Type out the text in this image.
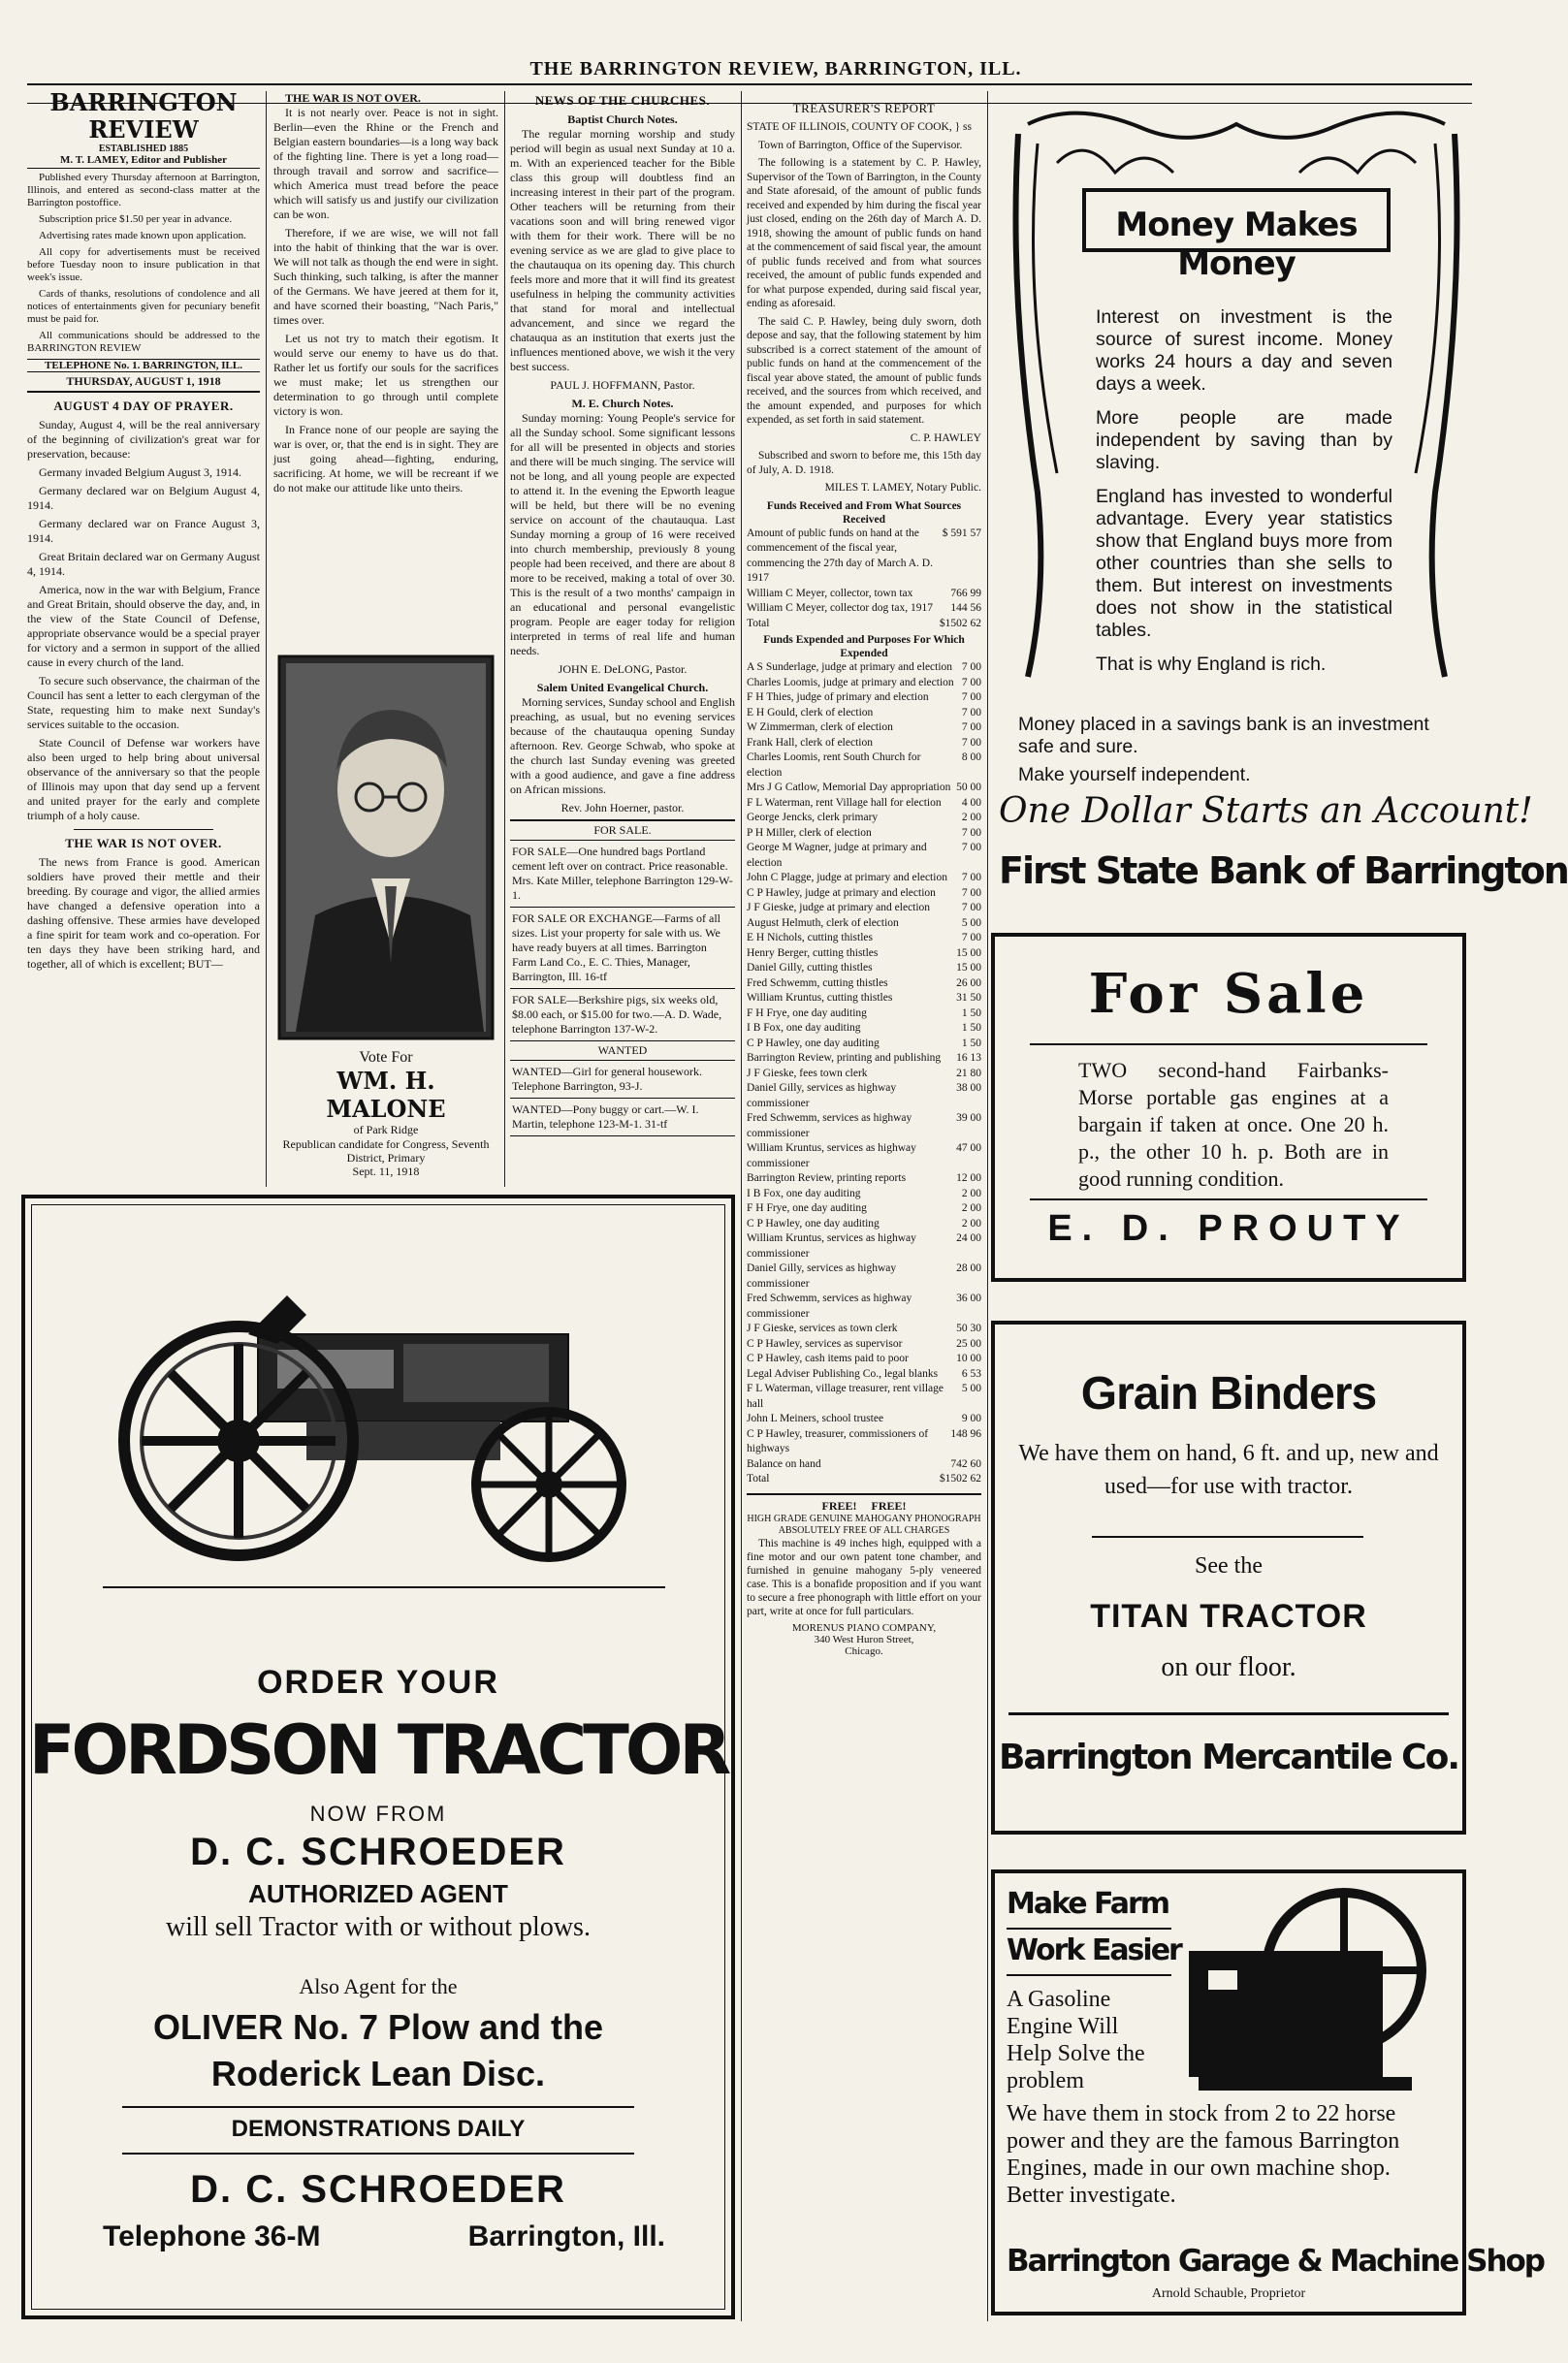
THE BARRINGTON REVIEW, BARRINGTON, ILL.
BARRINGTON REVIEW
ESTABLISHED 1885
M. T. LAMEY, Editor and Publisher

Published every Thursday afternoon at Barrington, Illinois, and entered as second-class matter at the Barrington postoffice.

Subscription price $1.50 per year in advance.

Advertising rates made known upon application.

All copy for advertisements must be received before Tuesday noon to insure publication in that week's issue.

Cards of thanks, resolutions of condolence and all notices of entertainments given for pecuniary benefit must be paid for.

All communications should be addressed to the BARRINGTON REVIEW

TELEPHONE No. 1. BARRINGTON, ILL.
THURSDAY, AUGUST 1, 1918
AUGUST 4 DAY OF PRAYER.

Sunday, August 4, will be the real anniversary of the beginning of civilization's great war for preservation, because:

Germany invaded Belgium August 3, 1914.

Germany declared war on Belgium August 4, 1914.

Germany declared war on France August 3, 1914.

Great Britain declared war on Germany August 4, 1914.

America, now in the war with Belgium, France and Great Britain, should observe the day, and, in the view of the State Council of Defense, appropriate observance would be a special prayer for victory and a sermon in support of the allied cause in every church of the land.

To secure such observance, the chairman of the Council has sent a letter to each clergyman of the State, requesting him to make next Sunday's services suitable to the occasion.

State Council of Defense war workers have also been urged to help bring about universal observance of the anniversary so that the people of Illinois may upon that day send up a fervent and united prayer for the early and complete triumph of a holy cause.

THE WAR IS NOT OVER.

The news from France is good. American soldiers have proved their mettle and their breeding. By courage and vigor, the allied armies have changed a defensive operation into a dashing offensive. These armies have developed a fine spirit for team work and co-operation. For ten days they have been striking hard, and together, all of which is excellent; BUT—

THE WAR IS NOT OVER.

It is not nearly over. Peace is not in sight. Berlin—even the Rhine or the French and Belgian eastern boundaries—is a long way back of the fighting line. There is yet a long road—through travail and sorrow and sacrifice—which America must tread before the peace which will satisfy us and justify our civilization can be won.

Therefore, if we are wise, we will not fall into the habit of thinking that the war is over. We will not talk as though the end were in sight. Such thinking, such talking, is after the manner of the Germans. We have jeered at them for it, and have scorned their boasting, "Nach Paris," times over.

Let us not try to match their egotism. It would serve our enemy to have us do that. Rather let us fortify our souls for the sacrifices we must make; let us strengthen our determination to go through until complete victory is won.

In France none of our people are saying the war is over, or, that the end is in sight. They are just going ahead—fighting, enduring, sacrificing. At home, we will be recreant if we do not make our attitude like unto theirs.

Vote For
WM. H. MALONE
of Park Ridge
Republican candidate for Congress, Seventh District, Primary
Sept. 11, 1918
NEWS OF THE CHURCHES.
Baptist Church Notes.

The regular morning worship and study period will begin as usual next Sunday at 10 a. m. With an experienced teacher for the Bible class this group will doubtless find an increasing interest in their part of the program. Other teachers will be returning from their vacations soon and will bring renewed vigor with them for their work. There will be no evening service as we are glad to give place to the chautauqua on its opening day. This church feels more and more that it will find its greatest usefulness in helping the community activities that stand for moral and intellectual advancement, and since we regard the chatauqua as an institution that exerts just the influences mentioned above, we wish it the very best success.

PAUL J. HOFFMANN, Pastor.
M. E. Church Notes.

Sunday morning: Young People's service for all the Sunday school. Some significant lessons for all will be presented in objects and stories and there will be much singing. The service will not be long, and all young people are expected to attend it. In the evening the Epworth league will be held, but there will be no evening service on account of the chautauqua. Last Sunday morning a group of 16 were received into church membership, previously 8 young people had been received, and there are about 8 more to be received, making a total of over 30. This is the result of a two months' campaign in an educational and personal evangelistic program. People are eager today for religion interpreted in terms of real life and human needs.

JOHN E. DeLONG, Pastor.
Salem United Evangelical Church.

Morning services, Sunday school and English preaching, as usual, but no evening services because of the chautauqua opening Sunday afternoon. Rev. George Schwab, who spoke at the church last Sunday evening was greeted with a good audience, and gave a fine address on African missions.

Rev. John Hoerner, pastor.
FOR SALE.
FOR SALE—One hundred bags Portland cement left over on contract. Price reasonable. Mrs. Kate Miller, telephone Barrington 129-W-1.
FOR SALE OR EXCHANGE—Farms of all sizes. List your property for sale with us. We have ready buyers at all times. Barrington Farm Land Co., E. C. Thies, Manager, Barrington, Ill. 16-tf
FOR SALE—Berkshire pigs, six weeks old, $8.00 each, or $15.00 for two.—A. D. Wade, telephone Barrington 137-W-2.
WANTED
WANTED—Girl for general housework. Telephone Barrington, 93-J.
WANTED—Pony buggy or cart.—W. I. Martin, telephone 123-M-1. 31-tf
TREASURER'S REPORT

STATE OF ILLINOIS, COUNTY OF COOK, } ss

Town of Barrington, Office of the Supervisor.

The following is a statement by C. P. Hawley, Supervisor of the Town of Barrington, in the County and State aforesaid, of the amount of public funds received and expended by him during the fiscal year just closed, ending on the 26th day of March A. D. 1918, showing the amount of public funds on hand at the commencement of said fiscal year, the amount of public funds received and from what sources received, the amount of public funds expended and for what purpose expended, during said fiscal year, ending as aforesaid.

The said C. P. Hawley, being duly sworn, doth depose and say, that the following statement by him subscribed is a correct statement of the amount of public funds on hand at the commencement of the fiscal year above stated, the amount of public funds received, and the sources from which received, and the amount expended, and purposes for which expended, as set forth in said statement.

C. P. HAWLEY

Subscribed and sworn to before me, this 15th day of July, A. D. 1918.

MILES T. LAMEY, Notary Public.

Funds Received and From What Sources Received
Amount of public funds on hand at the commencement of the fiscal year, commencing the 27th day of March A. D. 1917
$ 591 57
William C Meyer, collector, town tax	766 99
William C Meyer, collector dog tax, 1917 144 56
Total	$1502 62
Funds Expended and Purposes For Which Expended
A S Sunderlage, judge at primary and election 7 00
Charles Loomis, judge at primary and election 7 00
F H Thies, judge of primary and election	7 00
E H Gould, clerk of election	7 00
W Zimmerman, clerk of election	7 00
Frank Hall, clerk of election	7 00
Charles Loomis, rent South Church for election
8 00
Mrs J G Catlow, Memorial Day appropriation 50 00
F L Waterman, rent Village hall for election 4 00
George Jencks, clerk primary	2 00
P H Miller, clerk of election	7 00
George M Wagner, judge at primary and election
7 00
John C Plagge, judge at primary and election 7 00
C P Hawley, judge at primary and election 7 00
J F Gieske, judge at primary and election	7 00
August Helmuth, clerk of election	5 00
E H Nichols, cutting thistles	7 00
Henry Berger, cutting thistles	15 00
Daniel Gilly, cutting thistles	15 00
Fred Schwemm, cutting thistles	26 00
William Kruntus, cutting thistles	31 50
F H Frye, one day auditing	1 50
I B Fox, one day auditing	1 50
C P Hawley, one day auditing	1 50
Barrington Review, printing and publishing 16 13
J F Gieske, fees town clerk	21 80
Daniel Gilly, services as highway commissioner
38 00
Fred Schwemm, services as highway commissioner
39 00
William Kruntus, services as highway commissioner
47 00
Barrington Review, printing reports	12 00
I B Fox, one day auditing	2 00
F H Frye, one day auditing	2 00
C P Hawley, one day auditing	2 00
William Kruntus, services as highway commissioner
24 00
Daniel Gilly, services as highway commissioner
28 00
Fred Schwemm, services as highway commissioner
36 00
J F Gieske, services as town clerk	50 30
C P Hawley, services as supervisor	25 00
C P Hawley, cash items paid to poor	10 00
Legal Adviser Publishing Co., legal blanks 6 53
F L Waterman, village treasurer, rent village hall
5 00
John L Meiners, school trustee	9 00
C P Hawley, treasurer, commissioners of highways
148 96
Balance on hand	742 60
Total	$1502 62
FREE!     FREE!
HIGH GRADE GENUINE MAHOGANY PHONOGRAPH ABSOLUTELY FREE OF ALL CHARGES

This machine is 49 inches high, equipped with a fine motor and our own patent tone chamber, and furnished in genuine mahogany 5-ply veneered case. This is a bonafide proposition and if you want to secure a free phonograph with little effort on your part, write at once for full particulars.

MORENUS PIANO COMPANY,
340 West Huron Street,
Chicago.
Money Makes Money

Interest on investment is the source of surest income. Money works 24 hours a day and seven days a week.

More people are made independent by saving than by slaving.

England has invested to wonderful advantage. Every year statistics show that England buys more from other countries than she sells to them. But interest on investments does not show in the statistical tables.

That is why England is rich.

Money placed in a savings bank is an investment safe and sure.

Make yourself independent.

One Dollar Starts an Account!
First State Bank of Barrington
For Sale
TWO second-hand Fairbanks-Morse portable gas engines at a bargain if taken at once. One 20 h. p., the other 10 h. p. Both are in good running condition.
E. D. PROUTY
Grain Binders
We have them on hand, 6 ft. and up, new and used—for use with tractor.
See the
TITAN TRACTOR
on our floor.
Barrington Mercantile Co.
Make Farm
Work Easier
A Gasoline Engine Will Help Solve the problem
We have them in stock from 2 to 22 horse power and they are the famous Barrington Engines, made in our own machine shop. Better investigate.
Barrington Garage & Machine Shop
Arnold Schauble, Proprietor
ORDER YOUR
FORDSON TRACTOR
NOW FROM
D. C. SCHROEDER
AUTHORIZED AGENT
will sell Tractor with or without plows.
Also Agent for the
OLIVER No. 7 Plow and the
Roderick Lean Disc.
DEMONSTRATIONS DAILY
D. C. SCHROEDER
Telephone 36-M	Barrington, Ill.
